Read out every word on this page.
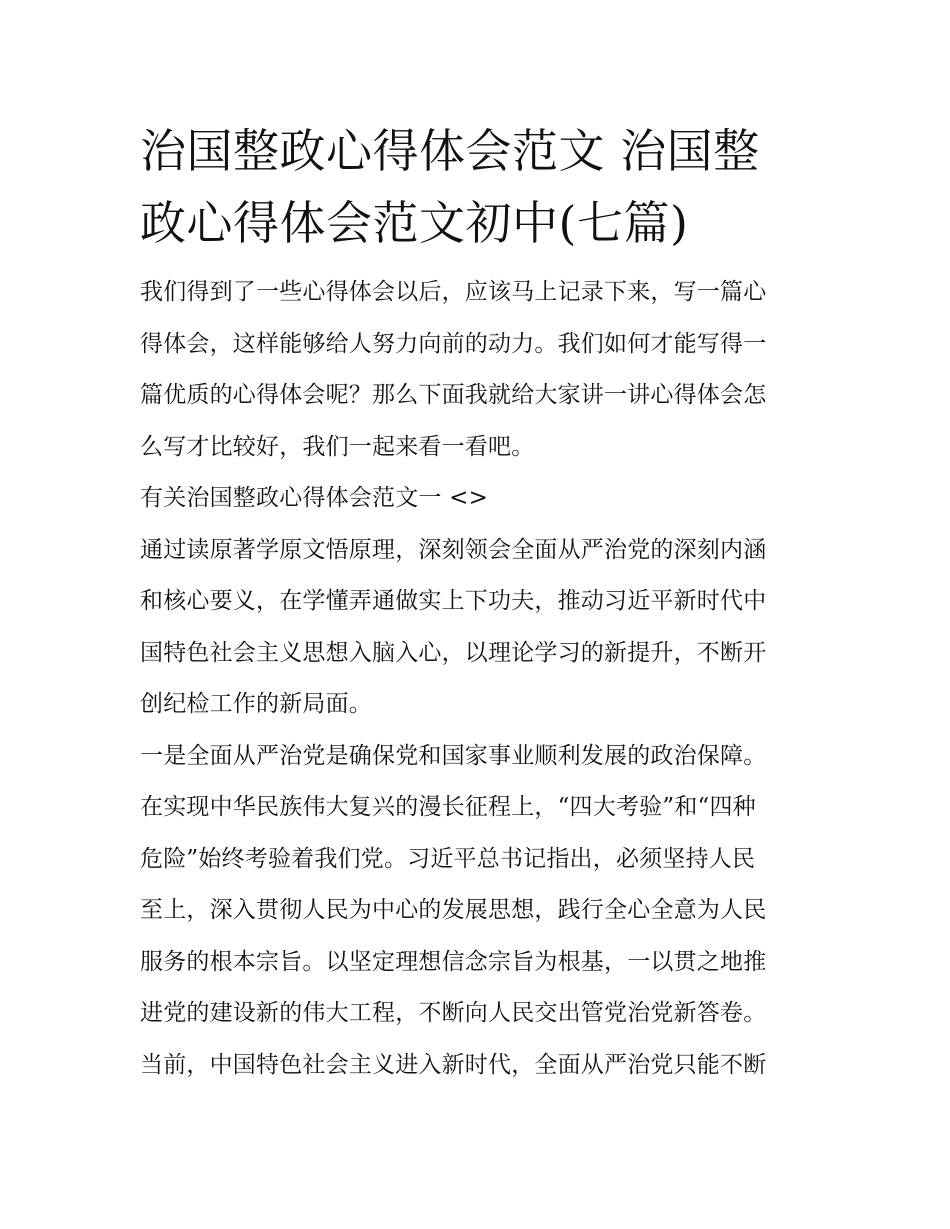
治国整政心得体会范文 治国整
政心得体会范文初中(七篇)
我们得到了一些心得体会以后，应该马上记录下来，写一篇心
得体会，这样能够给人努力向前的动力。我们如何才能写得一
篇优质的心得体会呢？那么下面我就给大家讲一讲心得体会怎
么写才比较好，我们一起来看一看吧。
有关治国整政心得体会范文一 <>
通过读原著学原文悟原理，深刻领会全面从严治党的深刻内涵
和核心要义，在学懂弄通做实上下功夫，推动习近平新时代中
国特色社会主义思想入脑入心，以理论学习的新提升，不断开
创纪检工作的新局面。
一是全面从严治党是确保党和国家事业顺利发展的政治保障。
在实现中华民族伟大复兴的漫长征程上，“四大考验”和“四种
危险”始终考验着我们党。习近平总书记指出，必须坚持人民
至上，深入贯彻人民为中心的发展思想，践行全心全意为人民
服务的根本宗旨。以坚定理想信念宗旨为根基，一以贯之地推
进党的建设新的伟大工程，不断向人民交出管党治党新答卷。
当前，中国特色社会主义进入新时代，全面从严治党只能不断
